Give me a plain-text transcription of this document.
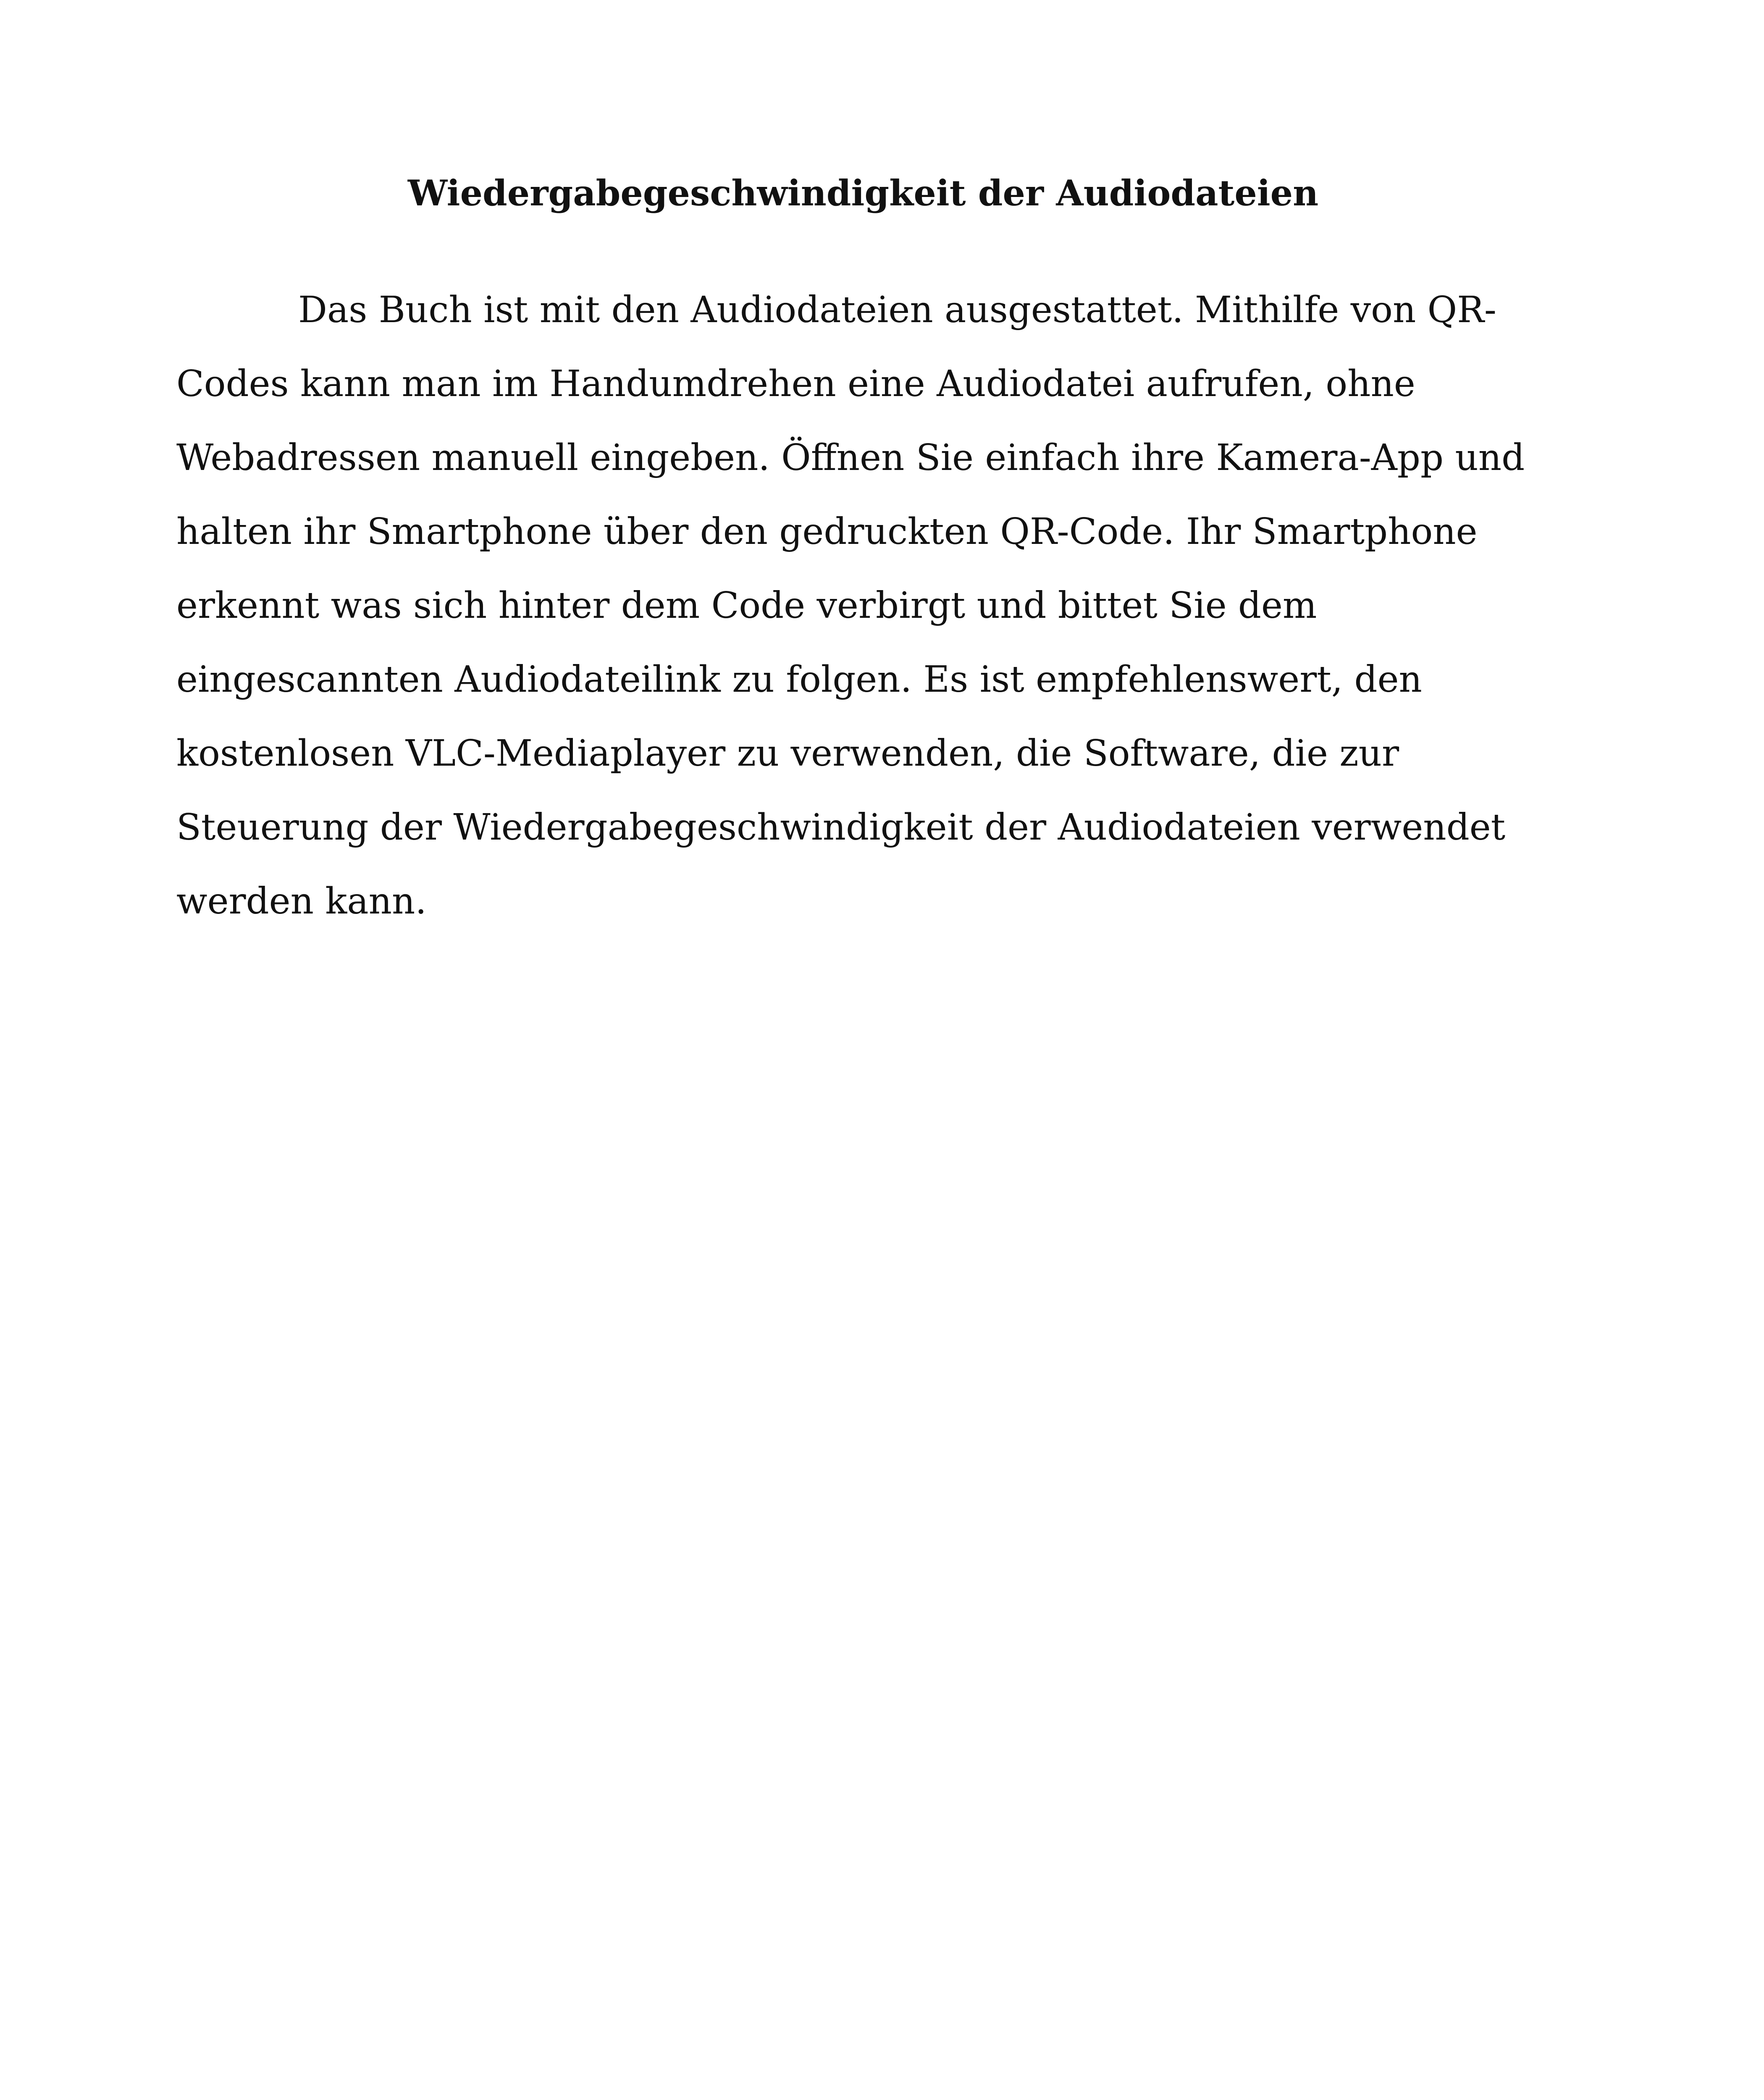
Wiedergabegeschwindigkeit der Audiodateien
Das Buch ist mit den Audiodateien ausgestattet. Mithilfe von QR-
Codes kann man im Handumdrehen eine Audiodatei aufrufen, ohne
Webadressen manuell eingeben. Öffnen Sie einfach ihre Kamera-App und
halten ihr Smartphone über den gedruckten QR-Code. Ihr Smartphone
erkennt was sich hinter dem Code verbirgt und bittet Sie dem
eingescannten Audiodateilink zu folgen. Es ist empfehlenswert, den
kostenlosen VLC-Mediaplayer zu verwenden, die Software, die zur
Steuerung der Wiedergabegeschwindigkeit der Audiodateien verwendet
werden kann.
